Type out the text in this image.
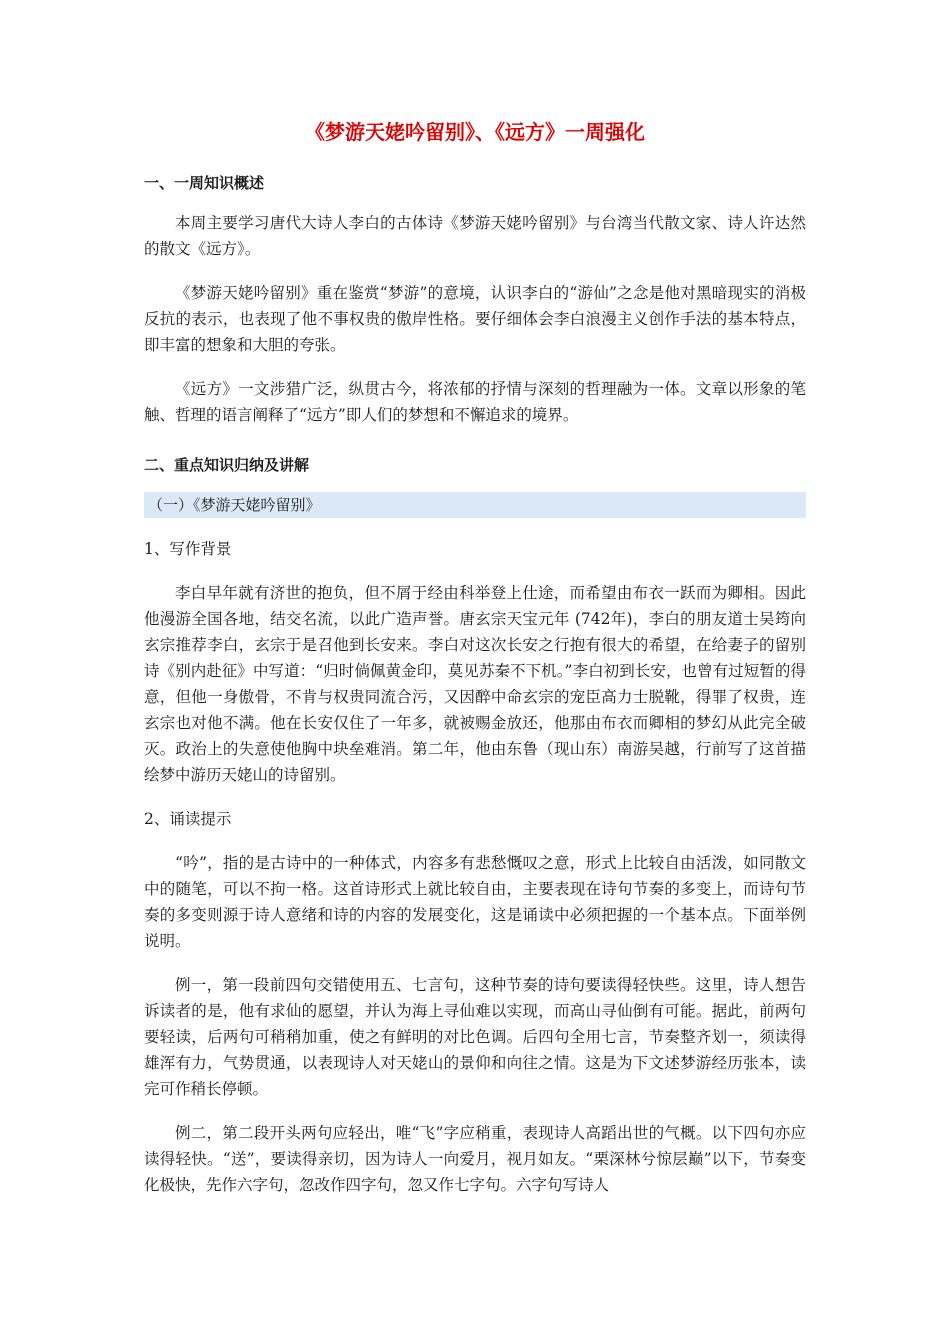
《梦游天姥吟留别》、《远方》一周强化
一、一周知识概述

本周主要学习唐代大诗人李白的古体诗《梦游天姥吟留别》与台湾当代散文家、诗人许达然的散文《远方》。

《梦游天姥吟留别》重在鉴赏“梦游”的意境，认识李白的“游仙”之念是他对黑暗现实的消极反抗的表示，也表现了他不事权贵的傲岸性格。要仔细体会李白浪漫主义创作手法的基本特点，即丰富的想象和大胆的夸张。

《远方》一文涉猎广泛，纵贯古今，将浓郁的抒情与深刻的哲理融为一体。文章以形象的笔触、哲理的语言阐释了“远方”即人们的梦想和不懈追求的境界。

二、重点知识归纳及讲解
（一）《梦游天姥吟留别》
1、写作背景

李白早年就有济世的抱负，但不屑于经由科举登上仕途，而希望由布衣一跃而为卿相。因此他漫游全国各地，结交名流，以此广造声誉。唐玄宗天宝元年 (742年)，李白的朋友道士吴筠向玄宗推荐李白，玄宗于是召他到长安来。李白对这次长安之行抱有很大的希望，在给妻子的留别诗《别内赴征》中写道：“归时倘佩黄金印，莫见苏秦不下机。”李白初到长安，也曾有过短暂的得意，但他一身傲骨，不肯与权贵同流合污，又因醉中命玄宗的宠臣高力士脱靴，得罪了权贵，连玄宗也对他不满。他在长安仅住了一年多，就被赐金放还，他那由布衣而卿相的梦幻从此完全破灭。政治上的失意使他胸中块垒难消。第二年，他由东鲁（现山东）南游吴越，行前写了这首描绘梦中游历天姥山的诗留别。

2、诵读提示

“吟”，指的是古诗中的一种体式，内容多有悲愁慨叹之意，形式上比较自由活泼，如同散文中的随笔，可以不拘一格。这首诗形式上就比较自由，主要表现在诗句节奏的多变上，而诗句节奏的多变则源于诗人意绪和诗的内容的发展变化，这是诵读中必须把握的一个基本点。下面举例说明。

例一，第一段前四句交错使用五、七言句，这种节奏的诗句要读得轻快些。这里，诗人想告诉读者的是，他有求仙的愿望，并认为海上寻仙难以实现，而高山寻仙倒有可能。据此，前两句要轻读，后两句可稍稍加重，使之有鲜明的对比色调。后四句全用七言，节奏整齐划一，须读得雄浑有力，气势贯通，以表现诗人对天姥山的景仰和向往之情。这是为下文述梦游经历张本，读完可作稍长停顿。

例二，第二段开头两句应轻出，唯“飞”字应稍重，表现诗人高蹈出世的气概。以下四句亦应读得轻快。“送”，要读得亲切，因为诗人一向爱月，视月如友。“栗深林兮惊层巅”以下，节奏变化极快，先作六字句，忽改作四字句，忽又作七字句。六字句写诗人
